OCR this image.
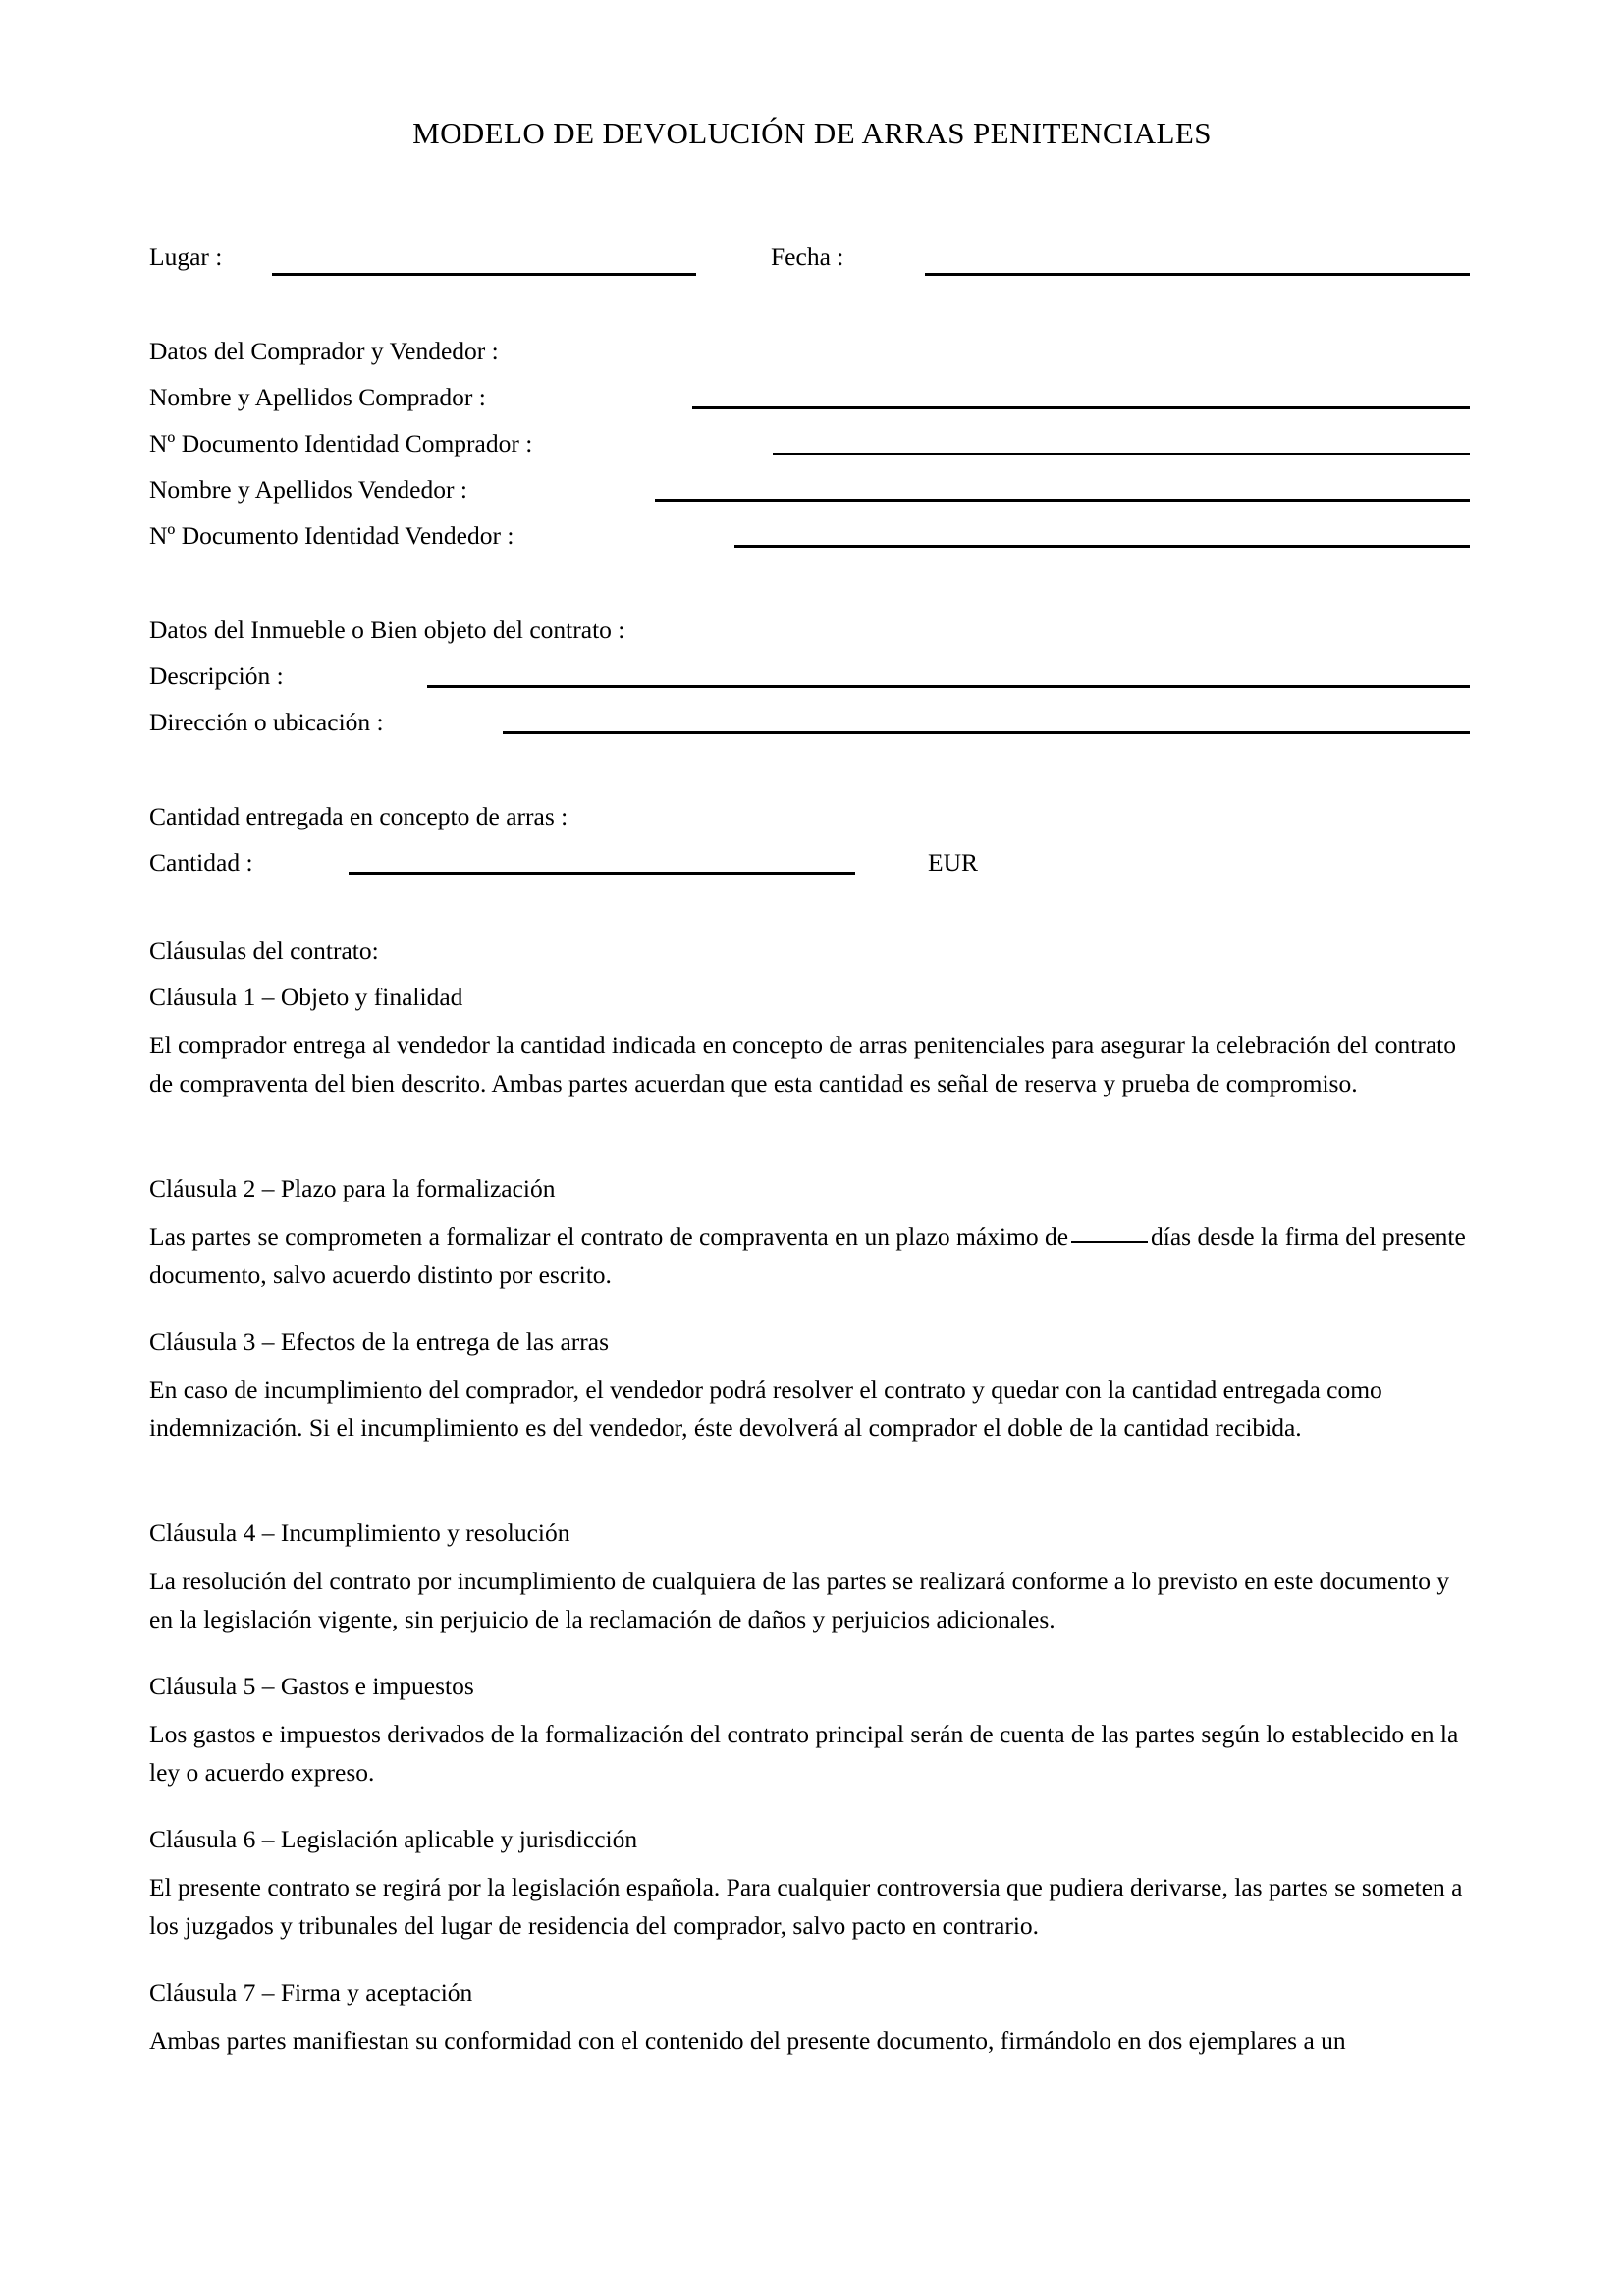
MODELO DE DEVOLUCIÓN DE ARRAS PENITENCIALES
Lugar :	Fecha :
Datos del Comprador y Vendedor :
Nombre y Apellidos Comprador :
Nº Documento Identidad Comprador :
Nombre y Apellidos Vendedor :
Nº Documento Identidad Vendedor :
Datos del Inmueble o Bien objeto del contrato :
Descripción :
Dirección o ubicación :
Cantidad entregada en concepto de arras :
Cantidad :	EUR
Cláusulas del contrato:
Cláusula 1 – Objeto y finalidad
El comprador entrega al vendedor la cantidad indicada en concepto de arras penitenciales para asegurar la celebración del contrato de compraventa del bien descrito. Ambas partes acuerdan que esta cantidad es señal de reserva y prueba de compromiso.
Cláusula 2 – Plazo para la formalización
Las partes se comprometen a formalizar el contrato de compraventa en un plazo máximo de	días desde la firma del presente documento, salvo acuerdo distinto por escrito.
Cláusula 3 – Efectos de la entrega de las arras
En caso de incumplimiento del comprador, el vendedor podrá resolver el contrato y quedar con la cantidad entregada como indemnización. Si el incumplimiento es del vendedor, éste devolverá al comprador el doble de la cantidad recibida.
Cláusula 4 – Incumplimiento y resolución
La resolución del contrato por incumplimiento de cualquiera de las partes se realizará conforme a lo previsto en este documento y en la legislación vigente, sin perjuicio de la reclamación de daños y perjuicios adicionales.
Cláusula 5 – Gastos e impuestos
Los gastos e impuestos derivados de la formalización del contrato principal serán de cuenta de las partes según lo establecido en la ley o acuerdo expreso.
Cláusula 6 – Legislación aplicable y jurisdicción
El presente contrato se regirá por la legislación española. Para cualquier controversia que pudiera derivarse, las partes se someten a los juzgados y tribunales del lugar de residencia del comprador, salvo pacto en contrario.
Cláusula 7 – Firma y aceptación
Ambas partes manifiestan su conformidad con el contenido del presente documento, firmándolo en dos ejemplares a un
